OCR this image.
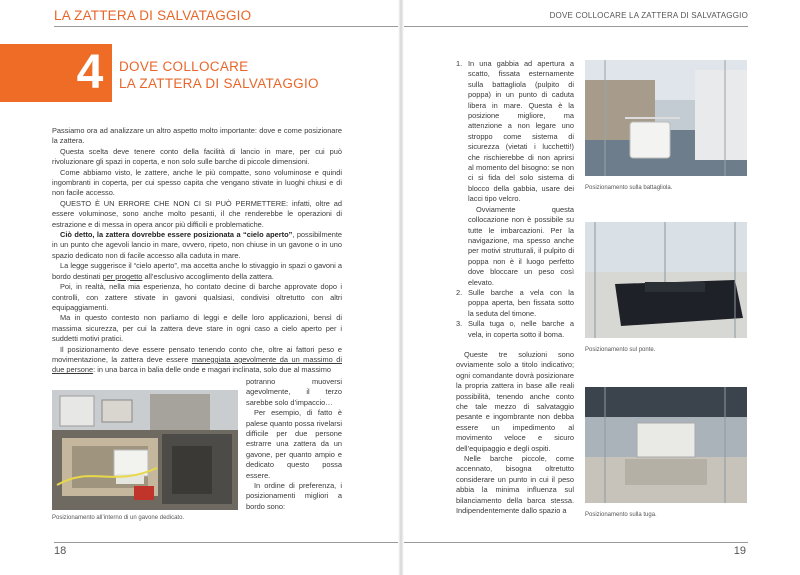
LA ZATTERA DI SALVATAGGIO
4	DOVE COLLOCARE
LA ZATTERA DI SALVATAGGIO

Passiamo ora ad analizzare un altro aspetto molto importante: dove e come posizionare la zattera.

Questa scelta deve tenere conto della facilità di lancio in mare, per cui può rivoluzionare gli spazi in coperta, e non solo sulle barche di piccole dimensioni.

Come abbiamo visto, le zattere, anche le più compatte, sono voluminose e quindi ingombranti in coperta, per cui spesso capita che vengano stivate in luoghi chiusi e di non facile accesso.

QUESTO È UN ERRORE CHE NON CI SI PUÒ PERMETTERE: infatti, oltre ad essere voluminose, sono anche molto pesanti, il che renderebbe le operazioni di estrazione e di messa in opera ancor più difficili e problematiche.

Ciò detto, la zattera dovrebbe essere posizionata a “cielo aperto”, possibilmente in un punto che agevoli lancio in mare, ovvero, ripeto, non chiuse in un gavone o in uno spazio dedicato non di facile accesso alla caduta in mare.

La legge suggerisce il “cielo aperto”, ma accetta anche lo stivaggio in spazi o gavoni a bordo destinati per progetto all’esclusivo accoglimento della zattera.

Poi, in realtà, nella mia esperienza, ho contato decine di barche approvate dopo i controlli, con zattere stivate in gavoni qualsiasi, condivisi oltretutto con altri equipaggiamenti.

Ma in questo contesto non parliamo di leggi e delle loro applicazioni, bensì di massima sicurezza, per cui la zattera deve stare in ogni caso a cielo aperto per i suddetti motivi pratici.

Il posizionamento deve essere pensato tenendo conto che, oltre ai fattori peso e movimentazione, la zattera deve essere maneggiata agevolmente da un massimo di due persone: in una barca in balia delle onde e magari inclinata, solo due al massimo

Posizionamento all’interno di un gavone dedicato.

potranno muoversi agevolmente, il terzo sarebbe solo d’impaccio…

Per esempio, di fatto è palese quanto possa rivelarsi difficile per due persone estrarre una zattera da un gavone, per quanto ampio e dedicato questo possa essere.

In ordine di preferenza, i posizionamenti migliori a bordo sono:

18
DOVE COLLOCARE LA ZATTERA DI SALVATAGGIO
1. In una gabbia ad apertura a scatto, fissata esternamente sulla battagliola (pulpito di poppa) in un punto di caduta libera in mare. Questa è la posizione migliore, ma attenzione a non legare uno stroppo come sistema di sicurezza (vietati i lucchetti!) che rischierebbe di non aprirsi al momento del bisogno: se non ci si fida del solo sistema di blocco della gabbia, usare dei lacci tipo velcro.

Ovviamente questa collocazione non è possibile su tutte le imbarcazioni. Per la navigazione, ma spesso anche per motivi strutturali, il pulpito di poppa non è il luogo perfetto dove bloccare un peso così elevato.

2. Sulle barche a vela con la poppa aperta, ben fissata sotto la seduta del timone.
3. Sulla tuga o, nelle barche a vela, in coperta sotto il boma.

Queste tre soluzioni sono ovviamente solo a titolo indicativo; ogni comandante dovrà posizionare la propria zattera in base alle reali possibilità, tenendo anche conto che tale mezzo di salvataggio pesante e ingombrante non debba essere un impedimento al movimento veloce e sicuro dell’equipaggio e degli ospiti.

Nelle barche piccole, come accennato, bisogna oltretutto considerare un punto in cui il peso abbia la minima influenza sul bilanciamento della barca stessa. Indipendentemente dallo spazio a

Posizionamento sulla battagliola.
Posizionamento sul ponte.
Posizionamento sulla tuga.
19
